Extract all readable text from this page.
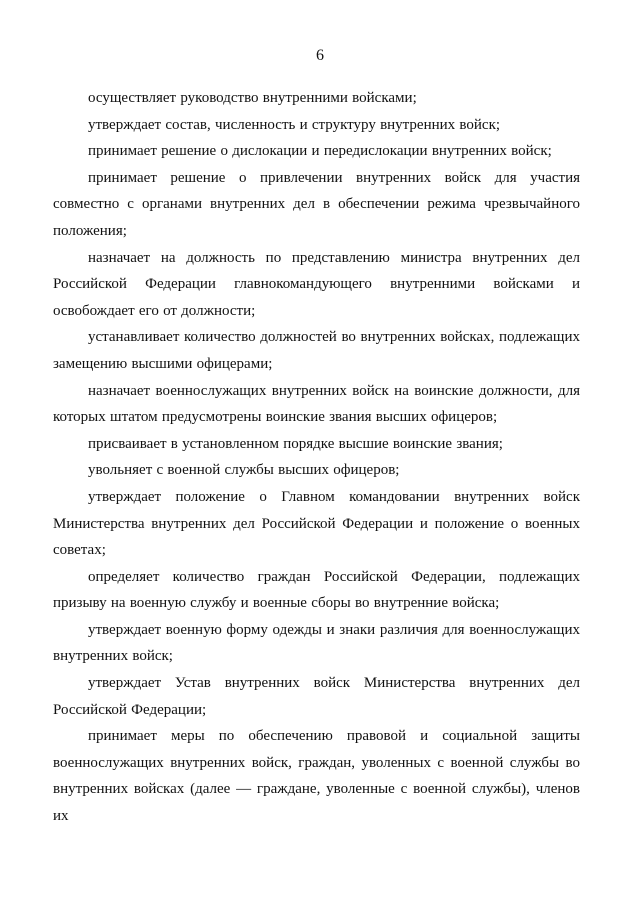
6

осуществляет руководство внутренними войсками;

утверждает состав, численность и структуру внутренних войск;

принимает решение о дислокации и передислокации внутренних войск;

принимает решение о привлечении внутренних войск для участия совместно с органами внутренних дел в обеспечении режима чрезвычайного положения;

назначает на должность по представлению министра внутренних дел Российской Федерации главнокомандующего внутренними войсками и освобождает его от должности;

устанавливает количество должностей во внутренних войсках, подлежащих замещению высшими офицерами;

назначает военнослужащих внутренних войск на воинские должности, для которых штатом предусмотрены воинские звания высших офицеров;

присваивает в установленном порядке высшие воинские звания;

увольняет с военной службы высших офицеров;

утверждает положение о Главном командовании внутренних войск Министерства внутренних дел Российской Федерации и положение о военных советах;

определяет количество граждан Российской Федерации, подлежащих призыву на военную службу и военные сборы во внутренние войска;

утверждает военную форму одежды и знаки различия для военнослужащих внутренних войск;

утверждает Устав внутренних войск Министерства внутренних дел Российской Федерации;

принимает меры по обеспечению правовой и социальной защиты военнослужащих внутренних войск, граждан, уволенных с военной службы во внутренних войсках (далее — граждане, уволенные с военной службы), членов их
